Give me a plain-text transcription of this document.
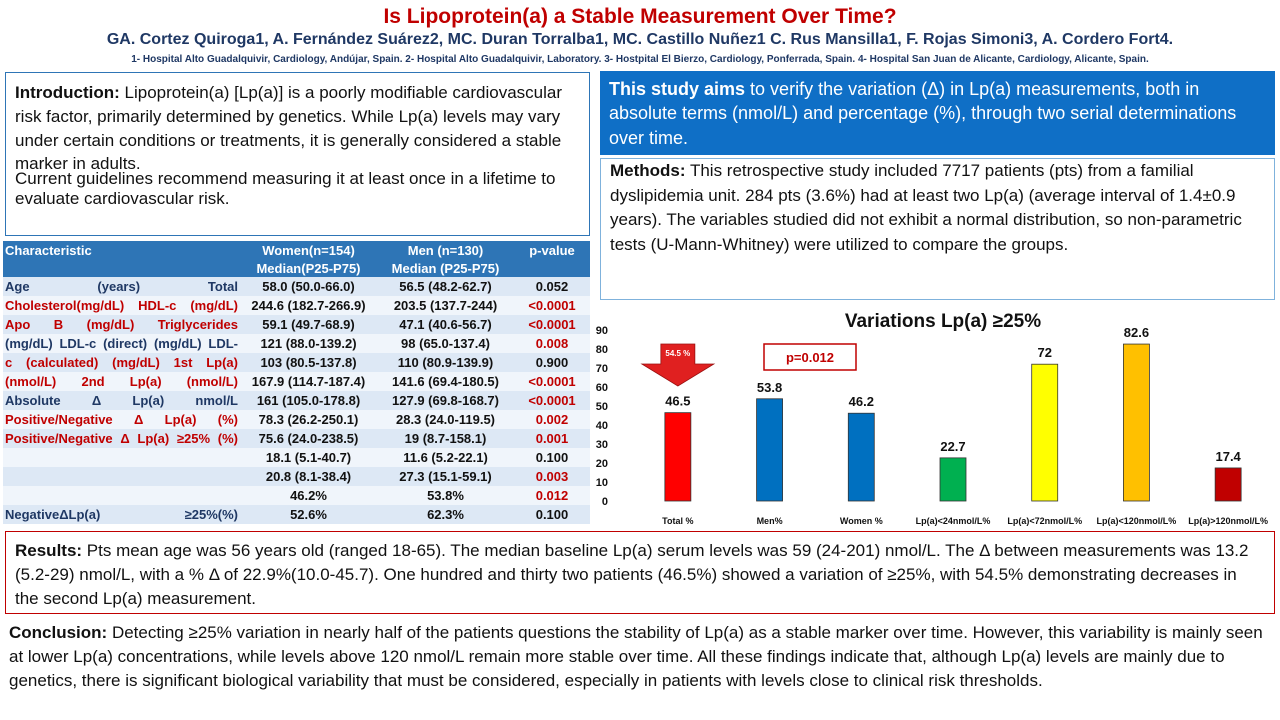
Is Lipoprotein(a) a Stable Measurement Over Time?
GA. Cortez Quiroga1, A. Fernández Suárez2, MC. Duran Torralba1, MC. Castillo Nuñez1 C. Rus Mansilla1, F. Rojas Simoni3, A. Cordero Fort4.
1- Hospital Alto Guadalquivir, Cardiology, Andújar, Spain. 2- Hospital Alto Guadalquivir, Laboratory. 3- Hostpital El Bierzo, Cardiology, Ponferrada, Spain. 4- Hospital San Juan de Alicante, Cardiology, Alicante, Spain.

Introduction: Lipoprotein(a) [Lp(a)] is a poorly modifiable cardiovascular risk factor, primarily determined by genetics. While Lp(a) levels may vary under certain conditions or treatments, it is generally considered a stable marker in adults.

Current guidelines recommend measuring it at least once in a lifetime to evaluate cardiovascular risk.

This study aims to verify the variation (Δ) in Lp(a) measurements, both in absolute terms (nmol/L) and percentage (%), through two serial determinations over time.
Methods: This retrospective study included 7717 patients (pts) from a familial dyslipidemia unit. 284 pts (3.6%) had at least two Lp(a) (average interval of 1.4±0.9 years). The variables studied did not exhibit a normal distribution, so non-parametric tests (U-Mann-Whitney) were utilized to compare the groups.
Characteristic	Women(n=154)	Men (n=130)	p-value
	Median(P25-P75)	Median (P25-P75)	
Age (years) Total	58.0 (50.0-66.0)	56.5 (48.2-62.7)	0.052
Cholesterol(mg/dL) HDL-c (mg/dL)	244.6 (182.7-266.9)	203.5 (137.7-244)	<0.0001
Apo B (mg/dL) Triglycerides	59.1 (49.7-68.9)	47.1 (40.6-56.7)	<0.0001
(mg/dL) LDL-c (direct) (mg/dL) LDL-	121 (88.0-139.2)	98 (65.0-137.4)	0.008
c (calculated) (mg/dL) 1st Lp(a)	103 (80.5-137.8)	110 (80.9-139.9)	0.900
(nmol/L) 2nd Lp(a) (nmol/L)	167.9 (114.7-187.4)	141.6 (69.4-180.5)	<0.0001
Absolute Δ Lp(a) nmol/L	161 (105.0-178.8)	127.9 (69.8-168.7)	<0.0001
Positive/Negative Δ Lp(a) (%)	78.3 (26.2-250.1)	28.3 (24.0-119.5)	0.002
Positive/Negative Δ Lp(a) ≥25% (%)	75.6 (24.0-238.5)	19 (8.7-158.1)	0.001
	18.1 (5.1-40.7)	11.6 (5.2-22.1)	0.100
	20.8 (8.1-38.4)	27.3 (15.1-59.1)	0.003
	46.2%	53.8%	0.012
NegativeΔLp(a) ≥25%(%)	52.6%	62.3%	0.100
Variations Lp(a) ≥25%
0
10
20
30
40
50
60
70
80
90
46.5
Total %
53.8
Men%
46.2
Women %
22.7
Lp(a)<24nmol/L%
72
Lp(a)<72nmol/L%
82.6
Lp(a)<120nmol/L%
17.4
Lp(a)>120nmol/L%
54.5 %	p=0.012
Results: Pts mean age was 56 years old (ranged 18-65). The median baseline Lp(a) serum levels was 59 (24-201) nmol/L. The Δ between measurements was 13.2 (5.2-29) nmol/L, with a % Δ of 22.9%(10.0-45.7). One hundred and thirty two patients (46.5%) showed a variation of ≥25%, with 54.5% demonstrating decreases in the second Lp(a) measurement.
Conclusion: Detecting ≥25% variation in nearly half of the patients questions the stability of Lp(a) as a stable marker over time. However, this variability is mainly seen at lower Lp(a) concentrations, while levels above 120 nmol/L remain more stable over time. All these findings indicate that, although Lp(a) levels are mainly due to genetics, there is significant biological variability that must be considered, especially in patients with levels close to clinical risk thresholds.
